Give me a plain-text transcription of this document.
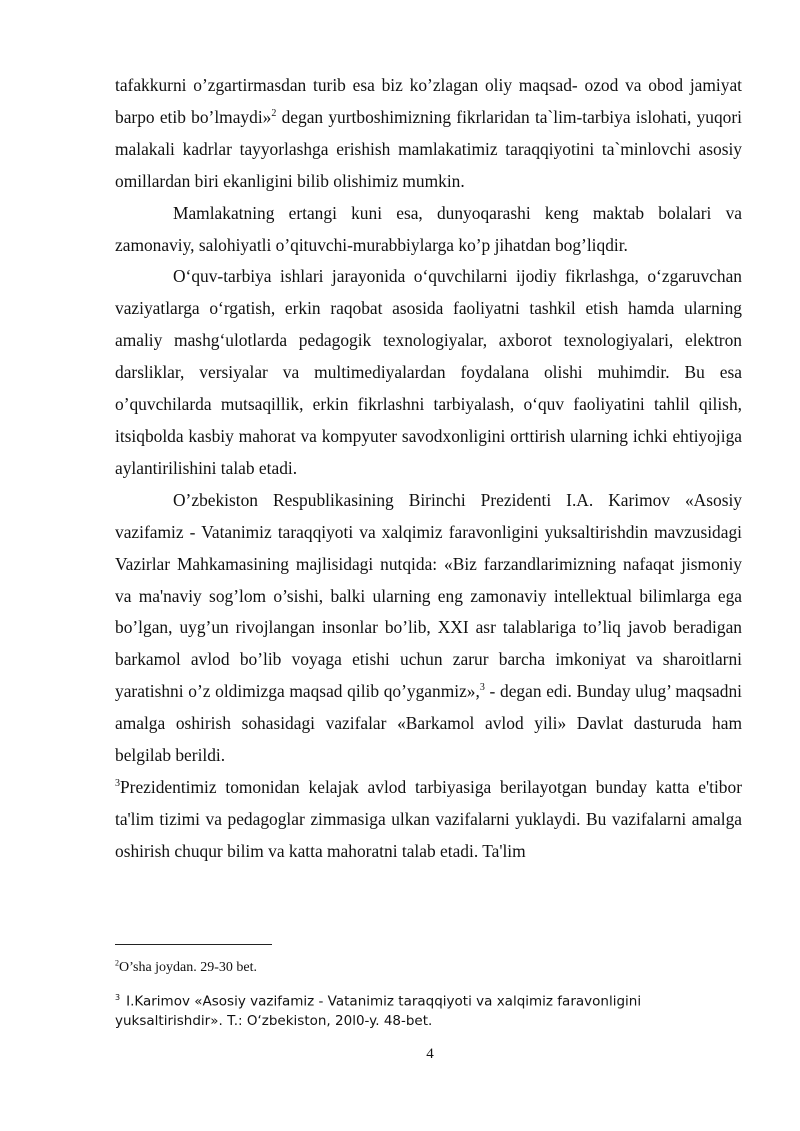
tafakkurni o’zgartirmasdan turib esa biz ko’zlagan oliy maqsad- ozod va obod jamiyat barpo etib bo’lmaydi»$^2$ degan yurtboshimizning fikrlaridan ta`lim-tarbiya islohati, yuqori malakali kadrlar tayyorlashga erishish mamlakatimiz taraqqiyotini ta`minlovchi asosiy omillardan biri ekanligini bilib olishimiz mumkin.

Mamlakatning ertangi kuni esa, dunyoqarashi keng maktab bolalari va zamonaviy, salohiyatli o’qituvchi-murabbiylarga ko’p jihatdan bog’liqdir.

O‘quv-tarbiya ishlari jarayonida o‘quvchilarni ijodiy fikrlashga, o‘zgaruvchan vaziyatlarga o‘rgatish, erkin raqobat asosida faoliyatni tashkil etish hamda ularning amaliy mashg‘ulotlarda pedagogik texnologiyalar, axborot texnologiyalari, elektron darsliklar, versiyalar va multimediyalardan foydalana olishi muhimdir. Bu esa o’quvchilarda mutsaqillik, erkin fikrlashni tarbiyalash, o‘quv faoliyatini tahlil qilish, itsiqbolda kasbiy mahorat va kompyuter savodxonligini orttirish ularning ichki ehtiyojiga aylantirilishini talab etadi.

O’zbekiston Respublikasining Birinchi Prezidenti I.A. Karimov «Asosiy vazifamiz - Vatanimiz taraqqiyoti va xalqimiz faravonligini yuksaltirishdin mavzusidagi Vazirlar Mahkamasining majlisidagi nutqida: «Biz farzandlarimizning nafaqat jismoniy va ma'naviy sog’lom o’sishi, balki ularning eng zamonaviy intellektual bilimlarga ega bo’lgan, uyg’un rivojlangan insonlar bo’lib, XXI asr talablariga to’liq javob beradigan barkamol avlod bo’lib voyaga etishi uchun zarur barcha imkoniyat va sharoitlarni yaratishni o’z oldimizga maqsad qilib qo’yganmiz»,$^3$ - degan edi. Bunday ulug’ maqsadni amalga oshirish sohasidagi vazifalar «Barkamol avlod yili» Davlat dasturuda ham belgilab berildi.

$^3$Prezidentimiz tomonidan kelajak avlod tarbiyasiga berilayotgan bunday katta e'tibor ta'lim tizimi va pedagoglar zimmasiga ulkan vazifalarni yuklaydi. Bu vazifalarni amalga oshirish chuqur bilim va katta mahoratni talab etadi. Ta'lim

$^2$O’sha joydan. 29-30 bet.
$^3$ I.Karimov «Asosiy vazifamiz - Vatanimiz taraqqiyoti va xalqimiz faravonligini yuksaltirishdir». T.: O‘zbekiston, 20l0-y. 48-bet.
4
